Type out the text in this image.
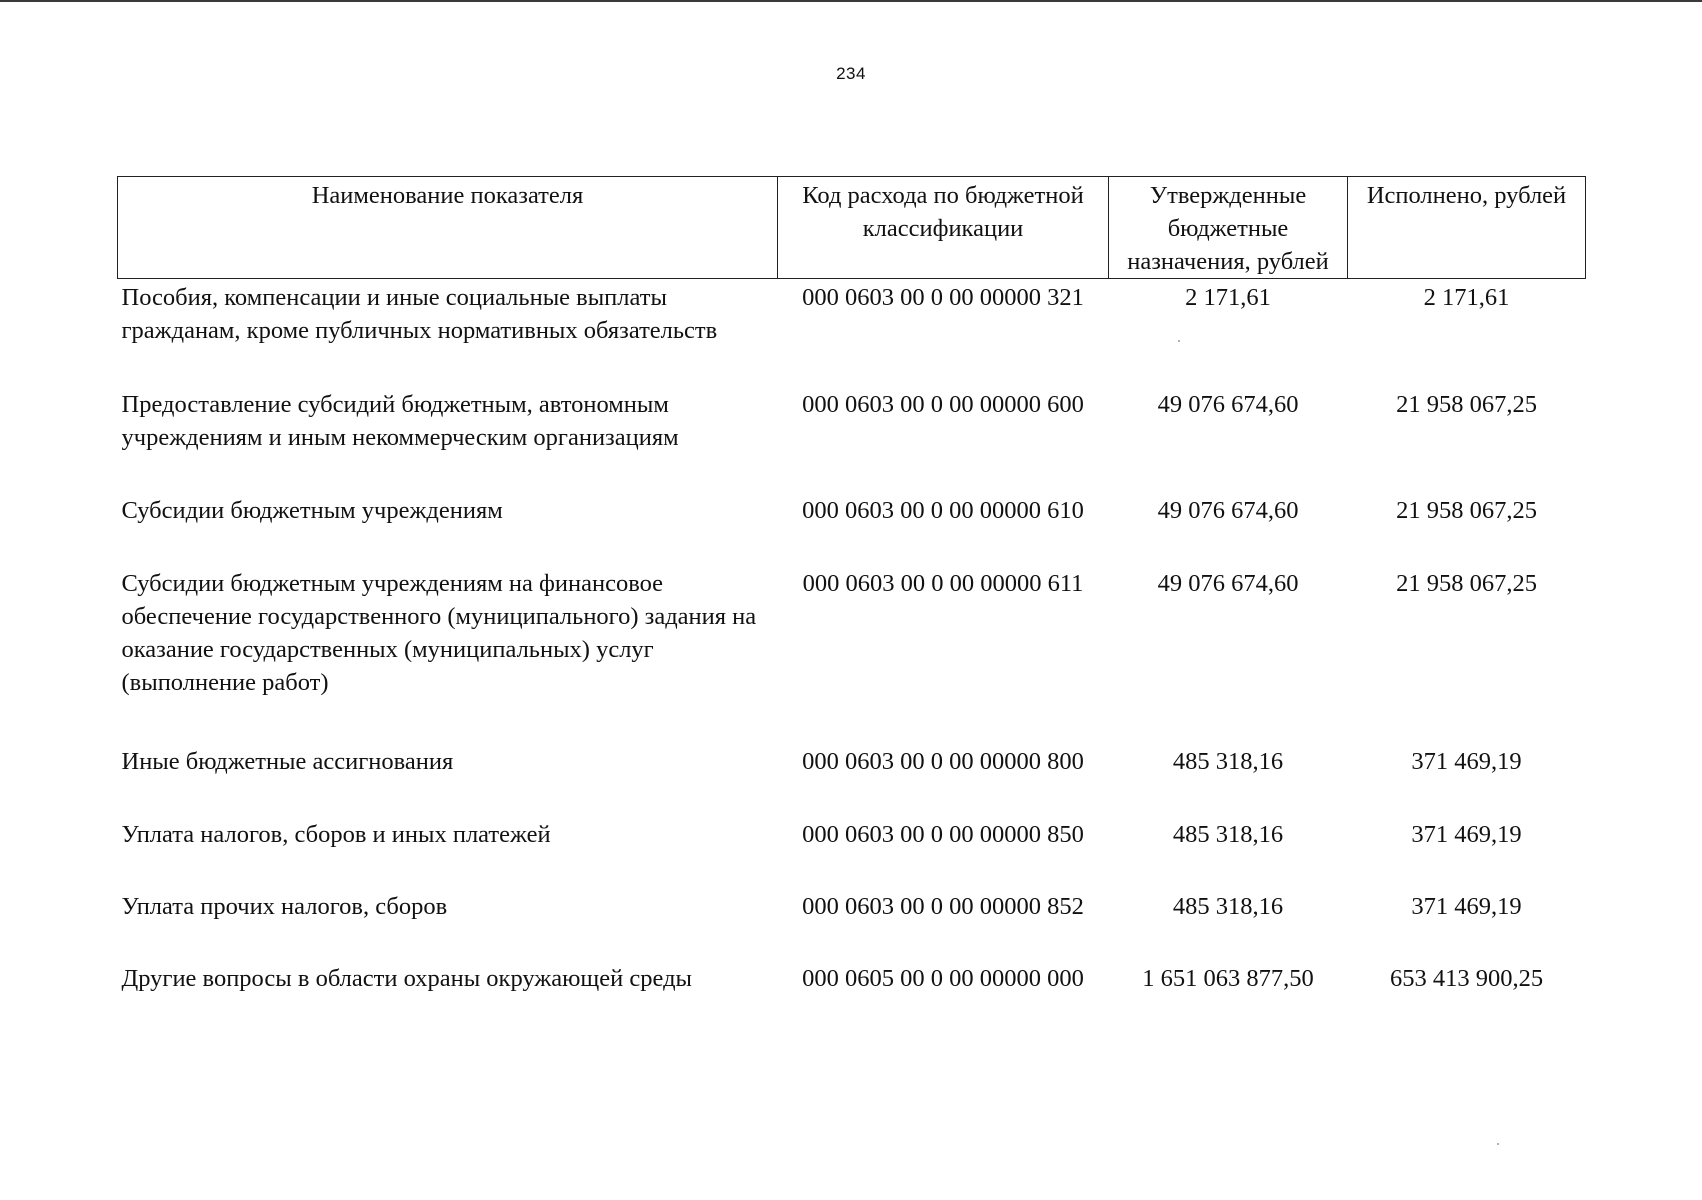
234
Наименование показателя	Код расхода по бюджетной классификации	Утвержденные бюджетные назначения, рублей	Исполнено, рублей
Пособия, компенсации и иные социальные выплаты гражданам, кроме публичных нормативных обязательств	000 0603 00 0 00 00000 321	2 171,61	2 171,61
Предоставление субсидий бюджетным, автономным учреждениям и иным некоммерческим организациям	000 0603 00 0 00 00000 600	49 076 674,60	21 958 067,25
Субсидии бюджетным учреждениям	000 0603 00 0 00 00000 610	49 076 674,60	21 958 067,25
Субсидии бюджетным учреждениям на финансовое обеспечение государственного (муниципального) задания на оказание государственных (муниципальных) услуг (выполнение работ)	000 0603 00 0 00 00000 611	49 076 674,60	21 958 067,25
Иные бюджетные ассигнования	000 0603 00 0 00 00000 800	485 318,16	371 469,19
Уплата налогов, сборов и иных платежей	000 0603 00 0 00 00000 850	485 318,16	371 469,19
Уплата прочих налогов, сборов	000 0603 00 0 00 00000 852	485 318,16	371 469,19
Другие вопросы в области охраны окружающей среды	000 0605 00 0 00 00000 000	1 651 063 877,50	653 413 900,25
